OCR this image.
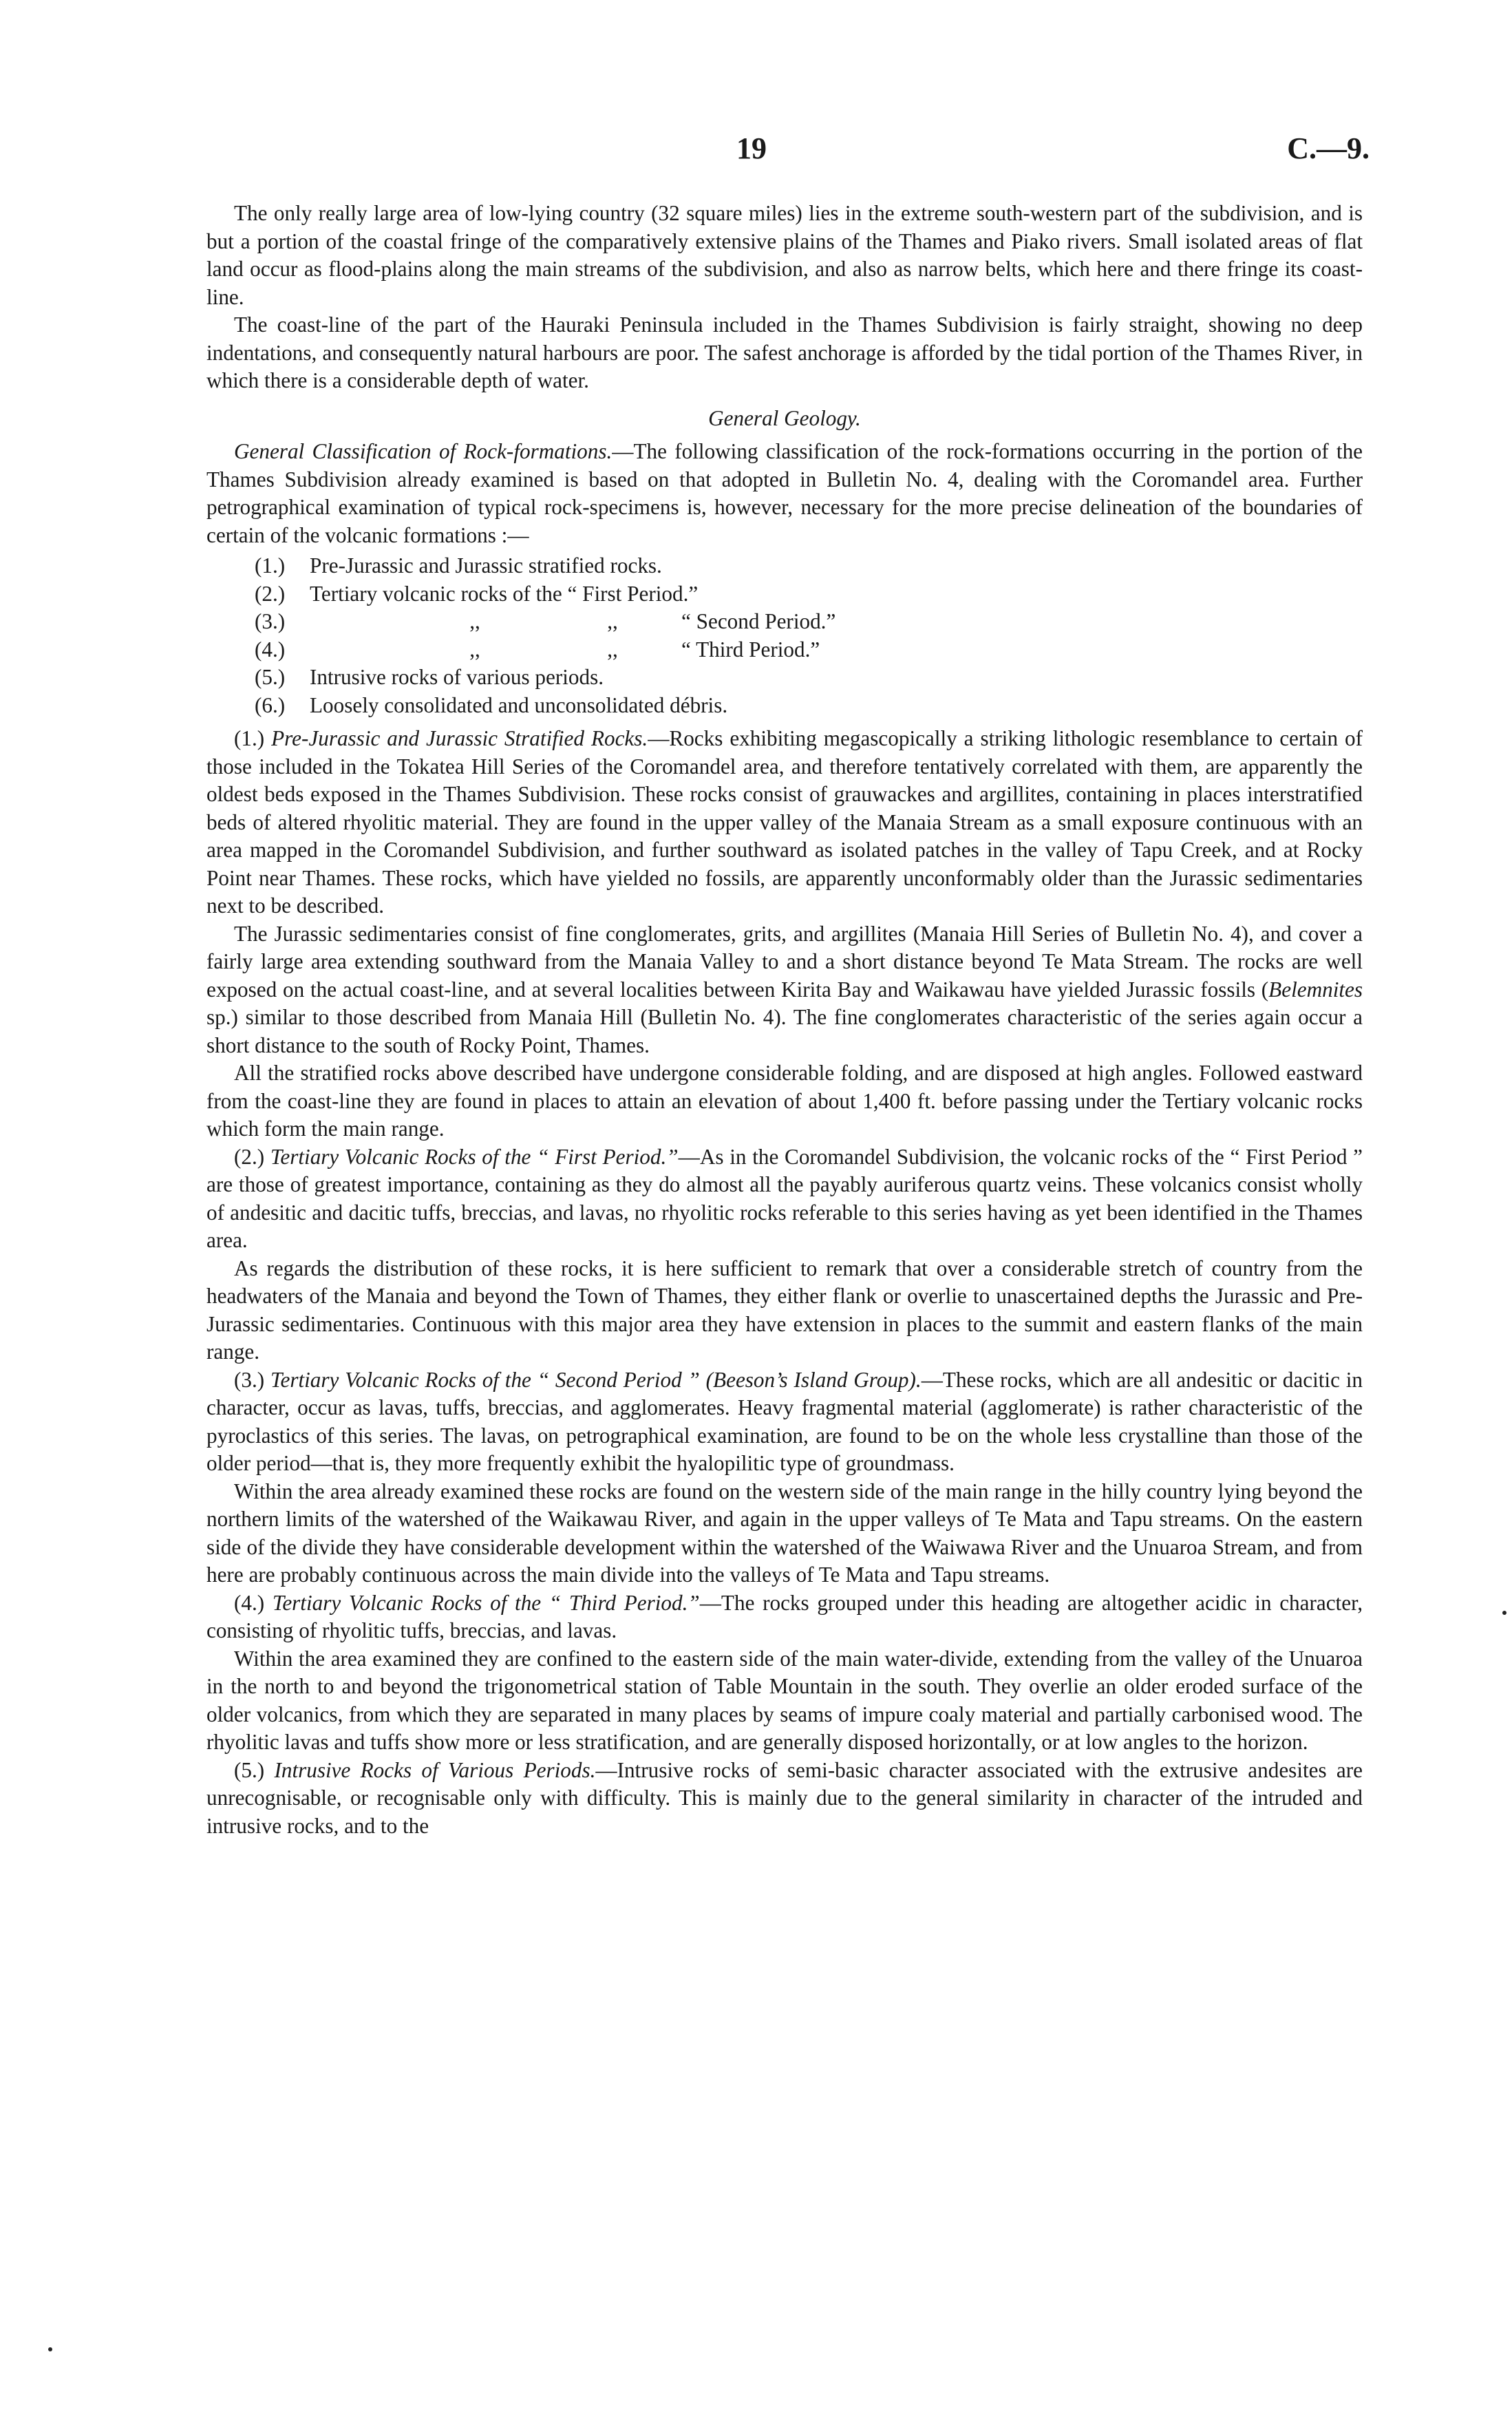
19	C.—9.

The only really large area of low-lying country (32 square miles) lies in the extreme south-western part of the subdivision, and is but a portion of the coastal fringe of the comparatively extensive plains of the Thames and Piako rivers. Small isolated areas of flat land occur as flood-plains along the main streams of the subdivision, and also as narrow belts, which here and there fringe its coast-line.

The coast-line of the part of the Hauraki Peninsula included in the Thames Subdivision is fairly straight, showing no deep indentations, and consequently natural harbours are poor. The safest anchorage is afforded by the tidal portion of the Thames River, in which there is a considerable depth of water.

General Geology.

General Classification of Rock-formations.—The following classification of the rock-formations occurring in the portion of the Thames Subdivision already examined is based on that adopted in Bulletin No. 4, dealing with the Coromandel area. Further petrographical examination of typical rock-specimens is, however, necessary for the more precise delineation of the boundaries of certain of the volcanic formations :—

(1.)	Pre-Jurassic and Jurassic stratified rocks.
(2.)	Tertiary volcanic rocks of the “ First Period.”
(3.)	,,	,,	“ Second Period.”
(4.)	,,	,,	“ Third Period.”
(5.)	Intrusive rocks of various periods.
(6.)	Loosely consolidated and unconsolidated débris.

(1.) Pre-Jurassic and Jurassic Stratified Rocks.—Rocks exhibiting megascopically a striking lithologic resemblance to certain of those included in the Tokatea Hill Series of the Coromandel area, and therefore tentatively correlated with them, are apparently the oldest beds exposed in the Thames Subdivision. These rocks consist of grauwackes and argillites, containing in places interstratified beds of altered rhyolitic material. They are found in the upper valley of the Manaia Stream as a small exposure continuous with an area mapped in the Coromandel Subdivision, and further southward as isolated patches in the valley of Tapu Creek, and at Rocky Point near Thames. These rocks, which have yielded no fossils, are apparently unconformably older than the Jurassic sedimentaries next to be described.

The Jurassic sedimentaries consist of fine conglomerates, grits, and argillites (Manaia Hill Series of Bulletin No. 4), and cover a fairly large area extending southward from the Manaia Valley to and a short distance beyond Te Mata Stream. The rocks are well exposed on the actual coast-line, and at several localities between Kirita Bay and Waikawau have yielded Jurassic fossils (Belemnites sp.) similar to those described from Manaia Hill (Bulletin No. 4). The fine conglomerates characteristic of the series again occur a short distance to the south of Rocky Point, Thames.

All the stratified rocks above described have undergone considerable folding, and are disposed at high angles. Followed eastward from the coast-line they are found in places to attain an elevation of about 1,400 ft. before passing under the Tertiary volcanic rocks which form the main range.

(2.) Tertiary Volcanic Rocks of the “ First Period.”—As in the Coromandel Subdivision, the volcanic rocks of the “ First Period ” are those of greatest importance, containing as they do almost all the payably auriferous quartz veins. These volcanics consist wholly of andesitic and dacitic tuffs, breccias, and lavas, no rhyolitic rocks referable to this series having as yet been identified in the Thames area.

As regards the distribution of these rocks, it is here sufficient to remark that over a considerable stretch of country from the headwaters of the Manaia and beyond the Town of Thames, they either flank or overlie to unascertained depths the Jurassic and Pre-Jurassic sedimentaries. Continuous with this major area they have extension in places to the summit and eastern flanks of the main range.

(3.) Tertiary Volcanic Rocks of the “ Second Period ” (Beeson’s Island Group).—These rocks, which are all andesitic or dacitic in character, occur as lavas, tuffs, breccias, and agglomerates. Heavy fragmental material (agglomerate) is rather characteristic of the pyroclastics of this series. The lavas, on petrographical examination, are found to be on the whole less crystalline than those of the older period—that is, they more frequently exhibit the hyalopilitic type of groundmass.

Within the area already examined these rocks are found on the western side of the main range in the hilly country lying beyond the northern limits of the watershed of the Waikawau River, and again in the upper valleys of Te Mata and Tapu streams. On the eastern side of the divide they have considerable development within the watershed of the Waiwawa River and the Unuaroa Stream, and from here are probably continuous across the main divide into the valleys of Te Mata and Tapu streams.

(4.) Tertiary Volcanic Rocks of the “ Third Period.”—The rocks grouped under this heading are altogether acidic in character, consisting of rhyolitic tuffs, breccias, and lavas.

Within the area examined they are confined to the eastern side of the main water-divide, extending from the valley of the Unuaroa in the north to and beyond the trigonometrical station of Table Mountain in the south. They overlie an older eroded surface of the older volcanics, from which they are separated in many places by seams of impure coaly material and partially carbonised wood. The rhyolitic lavas and tuffs show more or less stratification, and are generally disposed horizontally, or at low angles to the horizon.

(5.) Intrusive Rocks of Various Periods.—Intrusive rocks of semi-basic character associated with the extrusive andesites are unrecognisable, or recognisable only with difficulty. This is mainly due to the general similarity in character of the intruded and intrusive rocks, and to the
